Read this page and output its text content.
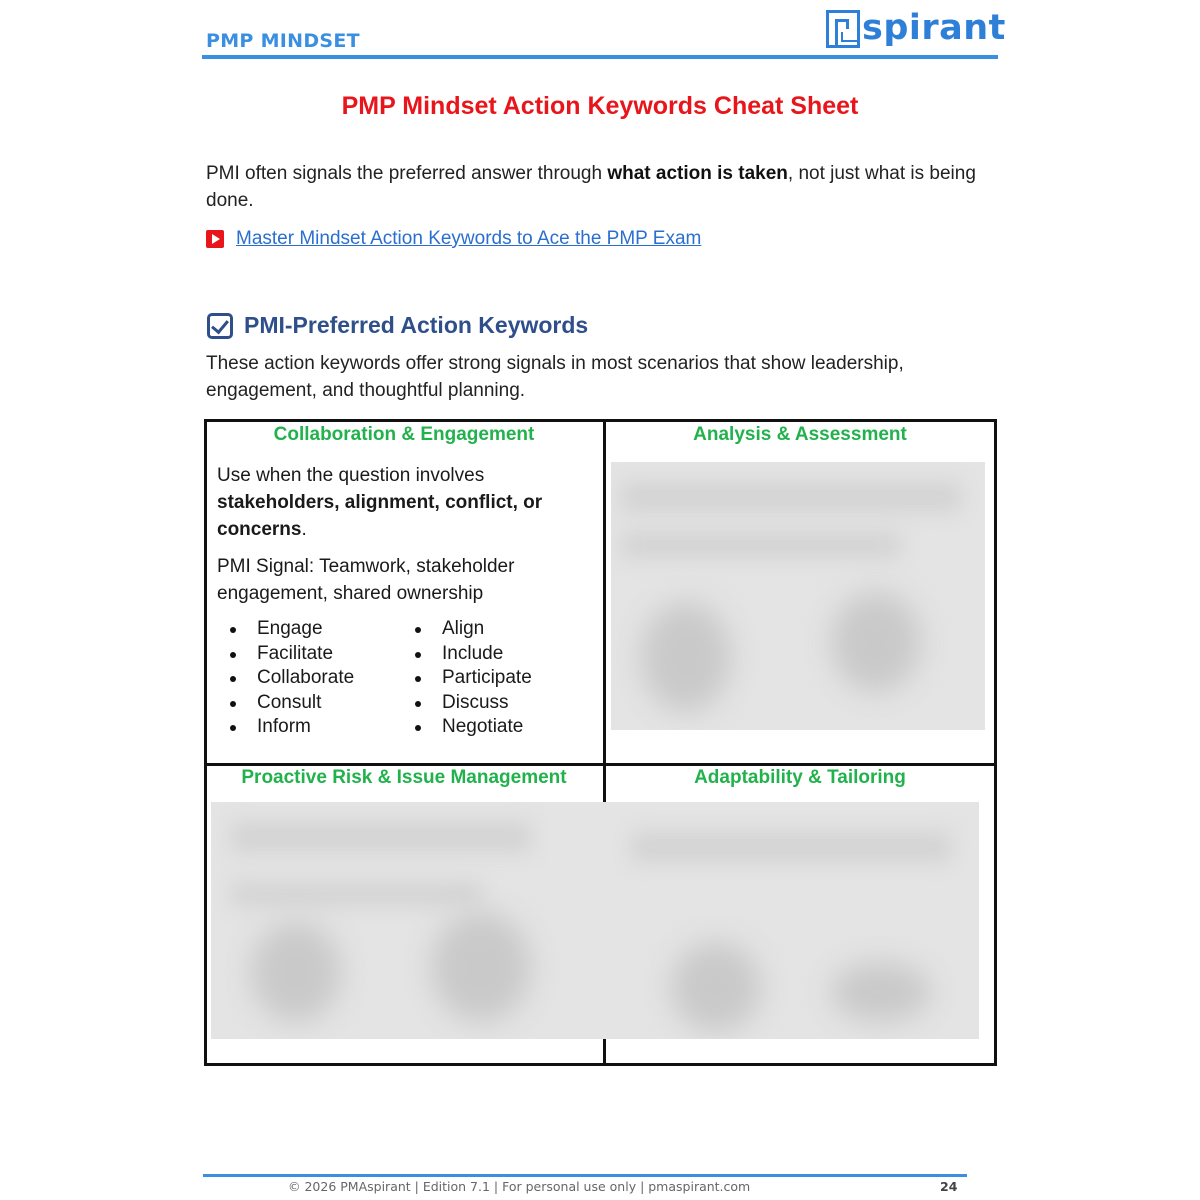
PMP MINDSET	spirant
PMP Mindset Action Keywords Cheat Sheet
PMI often signals the preferred answer through what action is taken, not just what is being done.
Master Mindset Action Keywords to Ace the PMP Exam
PMI-Preferred Action Keywords
These action keywords offer strong signals in most scenarios that show leadership, engagement, and thoughtful planning.
Collaboration & Engagement

Use when the question involves stakeholders, alignment, conflict, or concerns.

PMI Signal: Teamwork, stakeholder engagement, shared ownership

Engage
Facilitate
Collaborate
Consult
Inform
Align
Include
Participate
Discuss
Negotiate
Analysis & Assessment
Proactive Risk & Issue Management	Adaptability & Tailoring
© 2026 PMAspirant | Edition 7.1 | For personal use only | pmaspirant.com	24
